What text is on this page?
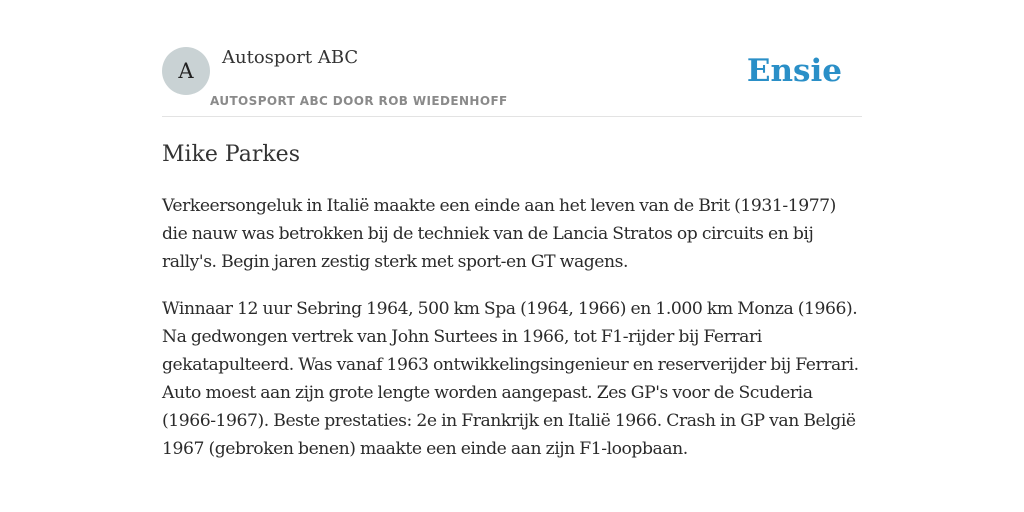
A
Autosport ABC
AUTOSPORT ABC DOOR ROB WIEDENHOFF
Ensie
Mike Parkes

Verkeersongeluk in Italië maakte een einde aan het leven van de Brit (1931-1977) die nauw was betrokken bij de techniek van de Lancia Stratos op circuits en bij rally's. Begin jaren zestig sterk met sport-en GT wagens.

Winnaar 12 uur Sebring 1964, 500 km Spa (1964, 1966) en 1.000 km Monza (1966). Na gedwongen vertrek van John Surtees in 1966, tot F1-rijder bij Ferrari gekatapulteerd. Was vanaf 1963 ontwikkelingsingenieur en reserverijder bij Ferrari. Auto moest aan zijn grote lengte worden aangepast. Zes GP's voor de Scuderia (1966-1967). Beste prestaties: 2e in Frankrijk en Italië 1966. Crash in GP van België 1967 (gebroken benen) maakte een einde aan zijn F1-loopbaan.
